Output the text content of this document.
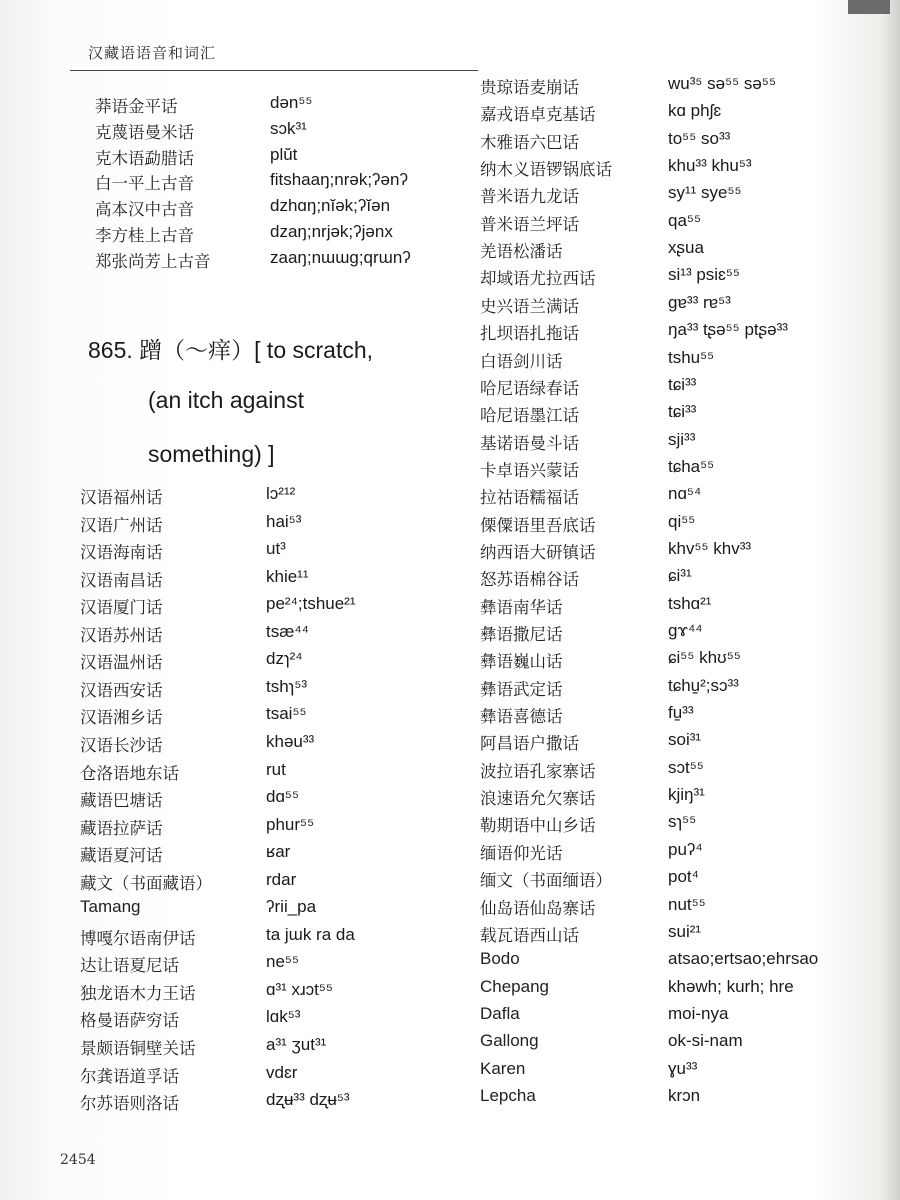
汉藏语语音和词汇
莽语金平话	dən⁵⁵
克蔑语曼米话	sɔk³¹
克木语勐腊话	plŭt
白一平上古音	fitshaaŋ;nrək;ʔənʔ
高本汉中古音	dzhɑŋ;nĭək;ʔĭən
李方桂上古音	dzaŋ;nrjək;ʔjənx
郑张尚芳上古音	zaaŋ;nɯɯɡ;qrɯnʔ
865. 蹭（～痒）[ to scratch,
(an itch against
something) ]
汉语福州话	lɔ²¹²
汉语广州话	hai⁵³
汉语海南话	ut³
汉语南昌话	khie¹¹
汉语厦门话	pe²⁴;tshue²¹
汉语苏州话	tsæ⁴⁴
汉语温州话	dzɿ²⁴
汉语西安话	tshɿ⁵³
汉语湘乡话	tsai⁵⁵
汉语长沙话	khəu³³
仓洛语地东话	rut
藏语巴塘话	dɑ⁵⁵
藏语拉萨话	phur⁵⁵
藏语夏河话	ʁar
藏文（书面藏语）	rdar
Tamang	ʔrii_pa
博嘎尔语南伊话	ta jɯk ra da
达让语夏尼话	ne⁵⁵
独龙语木力王话	ɑ³¹ xɹɔt⁵⁵
格曼语萨穷话	lɑk⁵³
景颇语铜壁关话	a³¹ ʒut³¹
尔龚语道孚话	vdɛr
尔苏语则洛话	dʐʉ³³ dʐʉ⁵³
贵琼语麦崩话	wu³⁵ sə⁵⁵ sə⁵⁵
嘉戎语卓克基话	kɑ phʃɛ
木雅语六巴话	to⁵⁵ so³³
纳木义语锣锅底话	khu³³ khu⁵³
普米语九龙话	sy¹¹ sye⁵⁵
普米语兰坪话	qa⁵⁵
羌语松潘话	xʂua
却域语尤拉西话	si¹³ psiɛ⁵⁵
史兴语兰满话	ɡɐ³³ rɐ⁵³
扎坝语扎拖话	ŋa³³ tʂə⁵⁵ ptʂə³³
白语剑川话	tshu⁵⁵
哈尼语绿春话	tɕi³³
哈尼语墨江话	tɕi³³
基诺语曼斗话	sji³³
卡卓语兴蒙话	tɕha⁵⁵
拉祜语糯福话	nɑ⁵⁴
傈僳语里吾底话	qi⁵⁵
纳西语大研镇话	khv⁵⁵ khv³³
怒苏语棉谷话	ɕi³¹
彝语南华话	tshɑ²¹
彝语撒尼话	ɡɤ⁴⁴
彝语巍山话	ɕi⁵⁵ khʊ⁵⁵
彝语武定话	tɕhu̠²;sɔ³³
彝语喜德话	fu̠³³
阿昌语户撒话	soi³¹
波拉语孔家寨话	sɔt⁵⁵
浪速语允欠寨话	kjiŋ³¹
勒期语中山乡话	sɿ⁵⁵
缅语仰光话	puʔ⁴
缅文（书面缅语）	pot⁴
仙岛语仙岛寨话	nut⁵⁵
载瓦语西山话	sui²¹
Bodo	atsao;ertsao;ehrsao
Chepang	khəwh; kurh; hre
Dafla	moi-nya
Gallong	ok-si-nam
Karen	ɣu³³
Lepcha	krɔn
2454
